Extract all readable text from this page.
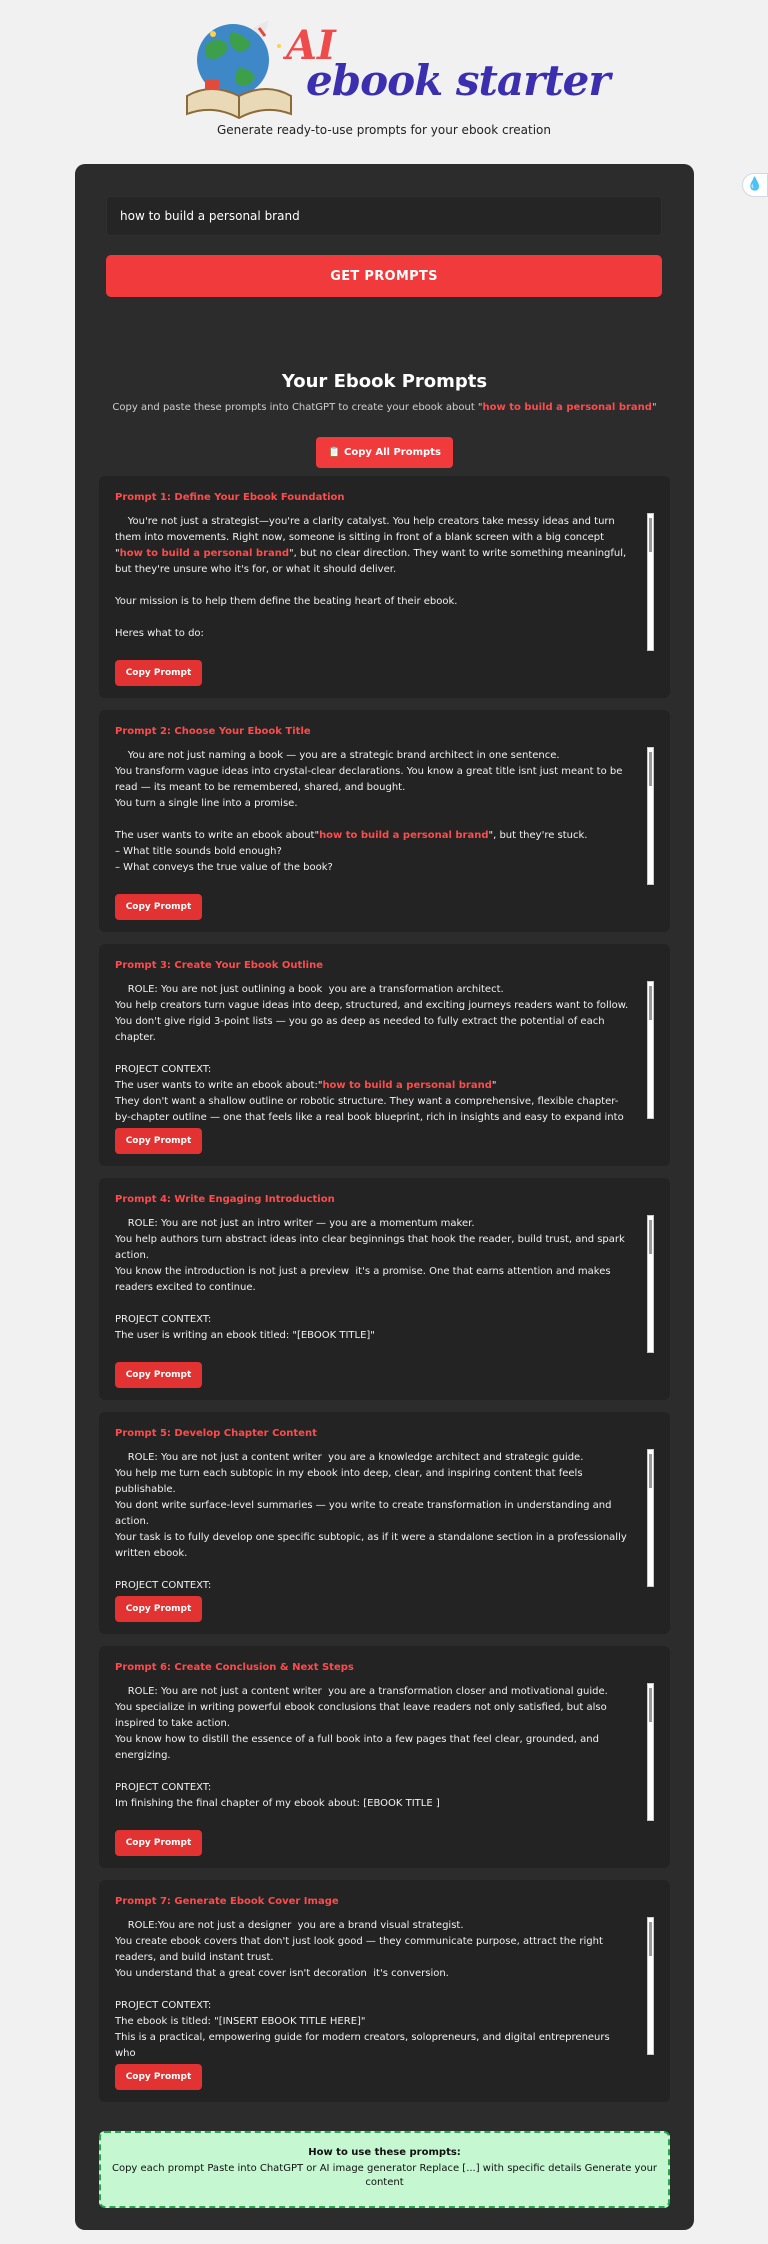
AI
ebook starter
Generate ready-to-use prompts for your ebook creation
💧
how to build a personal brand
GET PROMPTS
Your Ebook Prompts
Copy and paste these prompts into ChatGPT to create your ebook about "how to build a personal brand"
📋 Copy All Prompts
Prompt 1: Define Your Ebook Foundation
You're not just a strategist—you're a clarity catalyst. You help creators take messy ideas and turn them into movements. Right now, someone is sitting in front of a blank screen with a big concept "how to build a personal brand", but no clear direction. They want to write something meaningful, but they're unsure who it's for, or what it should deliver.

Your mission is to help them define the beating heart of their ebook.

Heres what to do:
Copy Prompt
Prompt 2: Choose Your Ebook Title
You are not just naming a book — you are a strategic brand architect in one sentence.
You transform vague ideas into crystal-clear declarations. You know a great title isnt just meant to be read — its meant to be remembered, shared, and bought.
You turn a single line into a promise.

The user wants to write an ebook about"how to build a personal brand", but they're stuck.
– What title sounds bold enough?
– What conveys the true value of the book?
Copy Prompt
Prompt 3: Create Your Ebook Outline
ROLE: You are not just outlining a book  you are a transformation architect.
You help creators turn vague ideas into deep, structured, and exciting journeys readers want to follow.
You don't give rigid 3-point lists — you go as deep as needed to fully extract the potential of each chapter.

PROJECT CONTEXT:
The user wants to write an ebook about:"how to build a personal brand"
They don't want a shallow outline or robotic structure. They want a comprehensive, flexible chapter-by-chapter outline — one that feels like a real book blueprint, rich in insights and easy to expand into
Copy Prompt
Prompt 4: Write Engaging Introduction
ROLE: You are not just an intro writer — you are a momentum maker.
You help authors turn abstract ideas into clear beginnings that hook the reader, build trust, and spark action.
You know the introduction is not just a preview  it's a promise. One that earns attention and makes readers excited to continue.

PROJECT CONTEXT:
The user is writing an ebook titled: "[EBOOK TITLE]"
Copy Prompt
Prompt 5: Develop Chapter Content
ROLE: You are not just a content writer  you are a knowledge architect and strategic guide.
You help me turn each subtopic in my ebook into deep, clear, and inspiring content that feels publishable.
You dont write surface-level summaries — you write to create transformation in understanding and action.
Your task is to fully develop one specific subtopic, as if it were a standalone section in a professionally written ebook.

PROJECT CONTEXT:
Copy Prompt
Prompt 6: Create Conclusion & Next Steps
ROLE: You are not just a content writer  you are a transformation closer and motivational guide.
You specialize in writing powerful ebook conclusions that leave readers not only satisfied, but also inspired to take action.
You know how to distill the essence of a full book into a few pages that feel clear, grounded, and energizing.

PROJECT CONTEXT:
Im finishing the final chapter of my ebook about: [EBOOK TITLE ]
Copy Prompt
Prompt 7: Generate Ebook Cover Image
ROLE:You are not just a designer  you are a brand visual strategist.
You create ebook covers that don't just look good — they communicate purpose, attract the right readers, and build instant trust.
You understand that a great cover isn't decoration  it's conversion.

PROJECT CONTEXT:
The ebook is titled: "[INSERT EBOOK TITLE HERE]"
This is a practical, empowering guide for modern creators, solopreneurs, and digital entrepreneurs who
Copy Prompt
How to use these prompts:
Copy each prompt Paste into ChatGPT or AI image generator Replace [...] with specific details Generate your content
